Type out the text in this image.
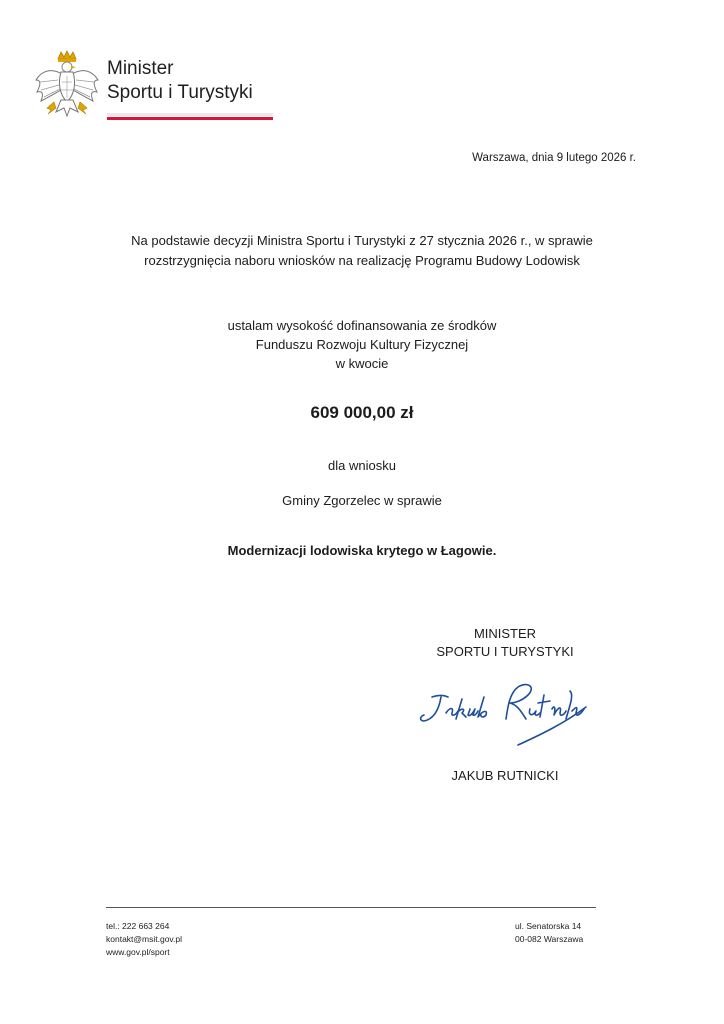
Minister
Sportu i Turystyki
Warszawa, dnia 9 lutego 2026 r.
Na podstawie decyzji Ministra Sportu i Turystyki z 27 stycznia 2026 r., w sprawie
rozstrzygnięcia naboru wniosków na realizację Programu Budowy Lodowisk
ustalam wysokość dofinansowania ze środków
Funduszu Rozwoju Kultury Fizycznej
w kwocie
609 000,00 zł
dla wniosku
Gminy Zgorzelec w sprawie
Modernizacji lodowiska krytego w Łagowie.
MINISTER
SPORTU I TURYSTYKI
JAKUB RUTNICKI
tel.: 222 663 264
kontakt@msit.gov.pl
www.gov.pl/sport
ul. Senatorska 14
00-082 Warszawa
